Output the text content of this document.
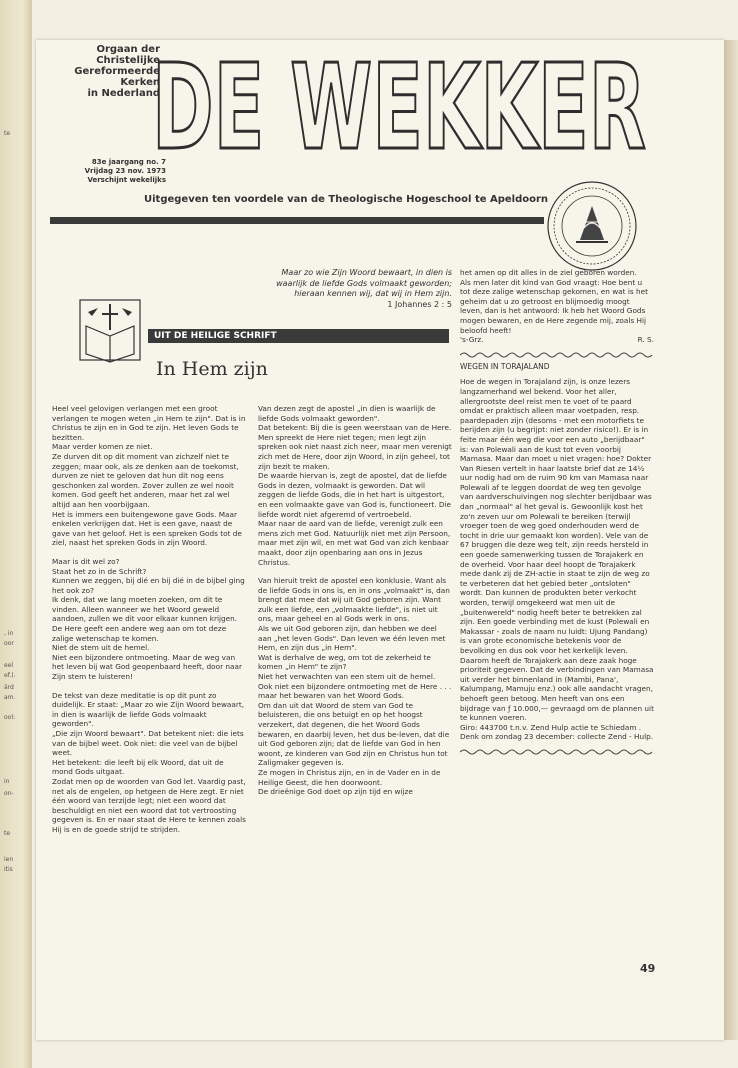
te
, in
oor
eel
ef.).
ärd
am.
ool:
in
on-
te
ien
itis
Orgaan der
Christelijke
Gereformeerde
Kerken
in Nederland
DE WEKKER
83e jaargang no. 7
Vrijdag 23 nov. 1973
Verschijnt wekelijks
Uitgegeven ten voordele van de Theologische Hogeschool te Apeldoorn
Maar zo wie Zijn Woord bewaart, in dien is waarlijk de liefde Gods volmaakt geworden; hieraan kennen wij, dat wij in Hem zijn.
1 Johannes 2 : 5
UIT DE HEILIGE SCHRIFT
In Hem zijn

Heel veel gelovigen verlangen met een groot verlangen te mogen weten „in Hem te zijn". Dat is in Christus te zijn en in God te zijn. Het leven Gods te bezitten.

Maar verder komen ze niet.

Ze durven dit op dit moment van zichzelf niet te zeggen; maar ook, als ze denken aan de toekomst, durven ze niet te geloven dat hun dit nog eens geschonken zal worden. Zover zullen ze wel nooit komen. God geeft het anderen, maar het zal wel altijd aan hen voorbijgaan.

Het is immers een buitengewone gave Gods. Maar enkelen verkrijgen dat. Het is een gave, naast de gave van het geloof. Het is een spreken Gods tot de ziel, naast het spreken Gods in zijn Woord.

Maar is dit wel zo?

Staat het zo in de Schrift?

Kunnen we zeggen, bij dié en bij dié in de bijbel ging het ook zo?

Ik denk, dat we lang moeten zoeken, om dit te vinden. Alleen wanneer we het Woord geweld aandoen, zullen we dit voor elkaar kunnen krijgen.

De Here geeft een andere weg aan om tot deze zalige wetenschap te komen.

Niet de stem uit de hemel.

Niet een bijzondere ontmoeting. Maar de weg van het leven bij wat God geopenbaard heeft, door naar Zijn stem te luisteren!

De tekst van deze meditatie is op dit punt zo duidelijk. Er staat: „Maar zo wie Zijn Woord bewaart, in dien is waarlijk de liefde Gods volmaakt geworden".

„Die zijn Woord bewaart". Dat betekent niet: die iets van de bijbel weet. Ook niet: die veel van de bijbel weet.

Het betekent: die leeft bij elk Woord, dat uit de mond Gods uitgaat.

Zodat men op de woorden van God let. Vaardig past, net als de engelen, op hetgeen de Here zegt. Er niet één woord van terzijde legt; niet een woord dat beschuldigt en niet een woord dat tot vertroosting gegeven is. En er naar staat de Here te kennen zoals Hij is en de goede strijd te strijden.

Van dezen zegt de apostel „in dien is waarlijk de liefde Gods volmaakt geworden".

Dat betekent: Bij die is geen weerstaan van de Here.

Men spreekt de Here niet tegen; men legt zijn spreken ook niet naast zich neer, maar men verenigt zich met de Here, door zijn Woord, in zijn geheel, tot zijn bezit te maken.

De waarde hiervan is, zegt de apostel, dat de liefde Gods in dezen, volmaakt is geworden. Dat wil zeggen de liefde Gods, die in het hart is uitgestort, en een volmaakte gave van God is, functioneert. Die liefde wordt niet afgeremd of vertroebeld.

Maar naar de aard van de liefde, verenigt zulk een mens zich met God. Natuurlijk niet met zijn Persoon, maar met zijn wil, en met wat God van zich kenbaar maakt, door zijn openbaring aan ons in Jezus Christus.

Van hieruit trekt de apostel een konklusie. Want als de liefde Gods in ons is, en in ons „volmaakt" is, dan brengt dat mee dat wij uit God geboren zijn. Want zulk een liefde, een „volmaakte liefde", is niet uit ons, maar geheel en al Gods werk in ons.

Als we uit God geboren zijn, dan hebben we deel aan „het leven Gods". Dan leven we één leven met Hem, en zijn dus „in Hem".

Wat is derhalve de weg, om tot de zekerheid te komen „in Hem" te zijn?

Niet het verwachten van een stem uit de hemel.

Ook niet een bijzondere ontmoeting met de Here . . . maar het bewaren van het Woord Gods.

Om dan uit dat Woord de stem van God te beluisteren, die ons betuigt en op het hoogst verzekert, dat degenen, die het Woord Gods bewaren, en daarbij leven, het dus be-leven, dat die uit God geboren zijn; dat de liefde van God in hen woont, ze kinderen van God zijn en Christus hun tot Zaligmaker gegeven is.

Ze mogen in Christus zijn, en in de Vader en in de Heilige Geest, die hen doorwoont.

De drieënige God doet op zijn tijd en wijze

het amen op dit alles in de ziel geboren worden.

Als men later dit kind van God vraagt: Hoe bent u tot deze zalige wetenschap gekomen, en wat is het geheim dat u zo getroost en blijmoedig moogt leven, dan is het antwoord: Ik heb het Woord Gods mogen bewaren, en de Here zegende mij, zoals Hij beloofd heeft!

's-Grz.	R. S.
WEGEN IN TORAJALAND

Hoe de wegen in Torajaland zijn, is onze lezers langzamerhand wel bekend. Voor het aller, allergrootste deel reist men te voet of te paard omdat er praktisch alleen maar voetpaden, resp. paardepaden zijn (desoms - met een motorfiets te berijden zijn (u begrijpt: niet zonder risico!). Er is in feite maar één weg die voor een auto „berijdbaar" is: van Polewali aan de kust tot even voorbij Mamasa. Maar dan moet u niet vragen: hoe? Dokter Van Riesen vertelt in haar laatste brief dat ze 14½ uur nodig had om de ruim 90 km van Mamasa naar Polewali af te leggen doordat de weg ten gevolge van aardverschuivingen nog slechter berijdbaar was dan „normaal" al het geval is. Gewoonlijk kost het zo'n zeven uur om Polewali te bereiken (terwijl vroeger toen de weg goed onderhouden werd de tocht in drie uur gemaakt kon worden). Vele van de 67 bruggen die deze weg telt, zijn reeds hersteld in een goede samenwerking tussen de Torajakerk en de overheid. Voor haar deel hoopt de Torajakerk mede dank zij de ZH-actie in staat te zijn de weg zo te verbeteren dat het gebied beter „ontsloten" wordt. Dan kunnen de produkten beter verkocht worden, terwijl omgekeerd wat men uit de „buitenwereld" nodig heeft beter te betrekken zal zijn. Een goede verbinding met de kust (Polewali en Makassar - zoals de naam nu luidt: Ujung Pandang) is van grote economische betekenis voor de bevolking en dus ook voor het kerkelijk leven. Daarom heeft de Torajakerk aan deze zaak hoge prioriteit gegeven. Dat de verbindingen van Mamasa uit verder het binnenland in (Mambi, Pana', Kalumpang, Mamuju enz.) ook alle aandacht vragen, behoeft geen betoog. Men heeft van ons een bijdrage van ƒ 10.000,— gevraagd om de plannen uit te kunnen voeren.

Giro: 443700 t.n.v. Zend Hulp actie te Schiedam .

Denk om zondag 23 december: collecte Zend - Hulp.

49
